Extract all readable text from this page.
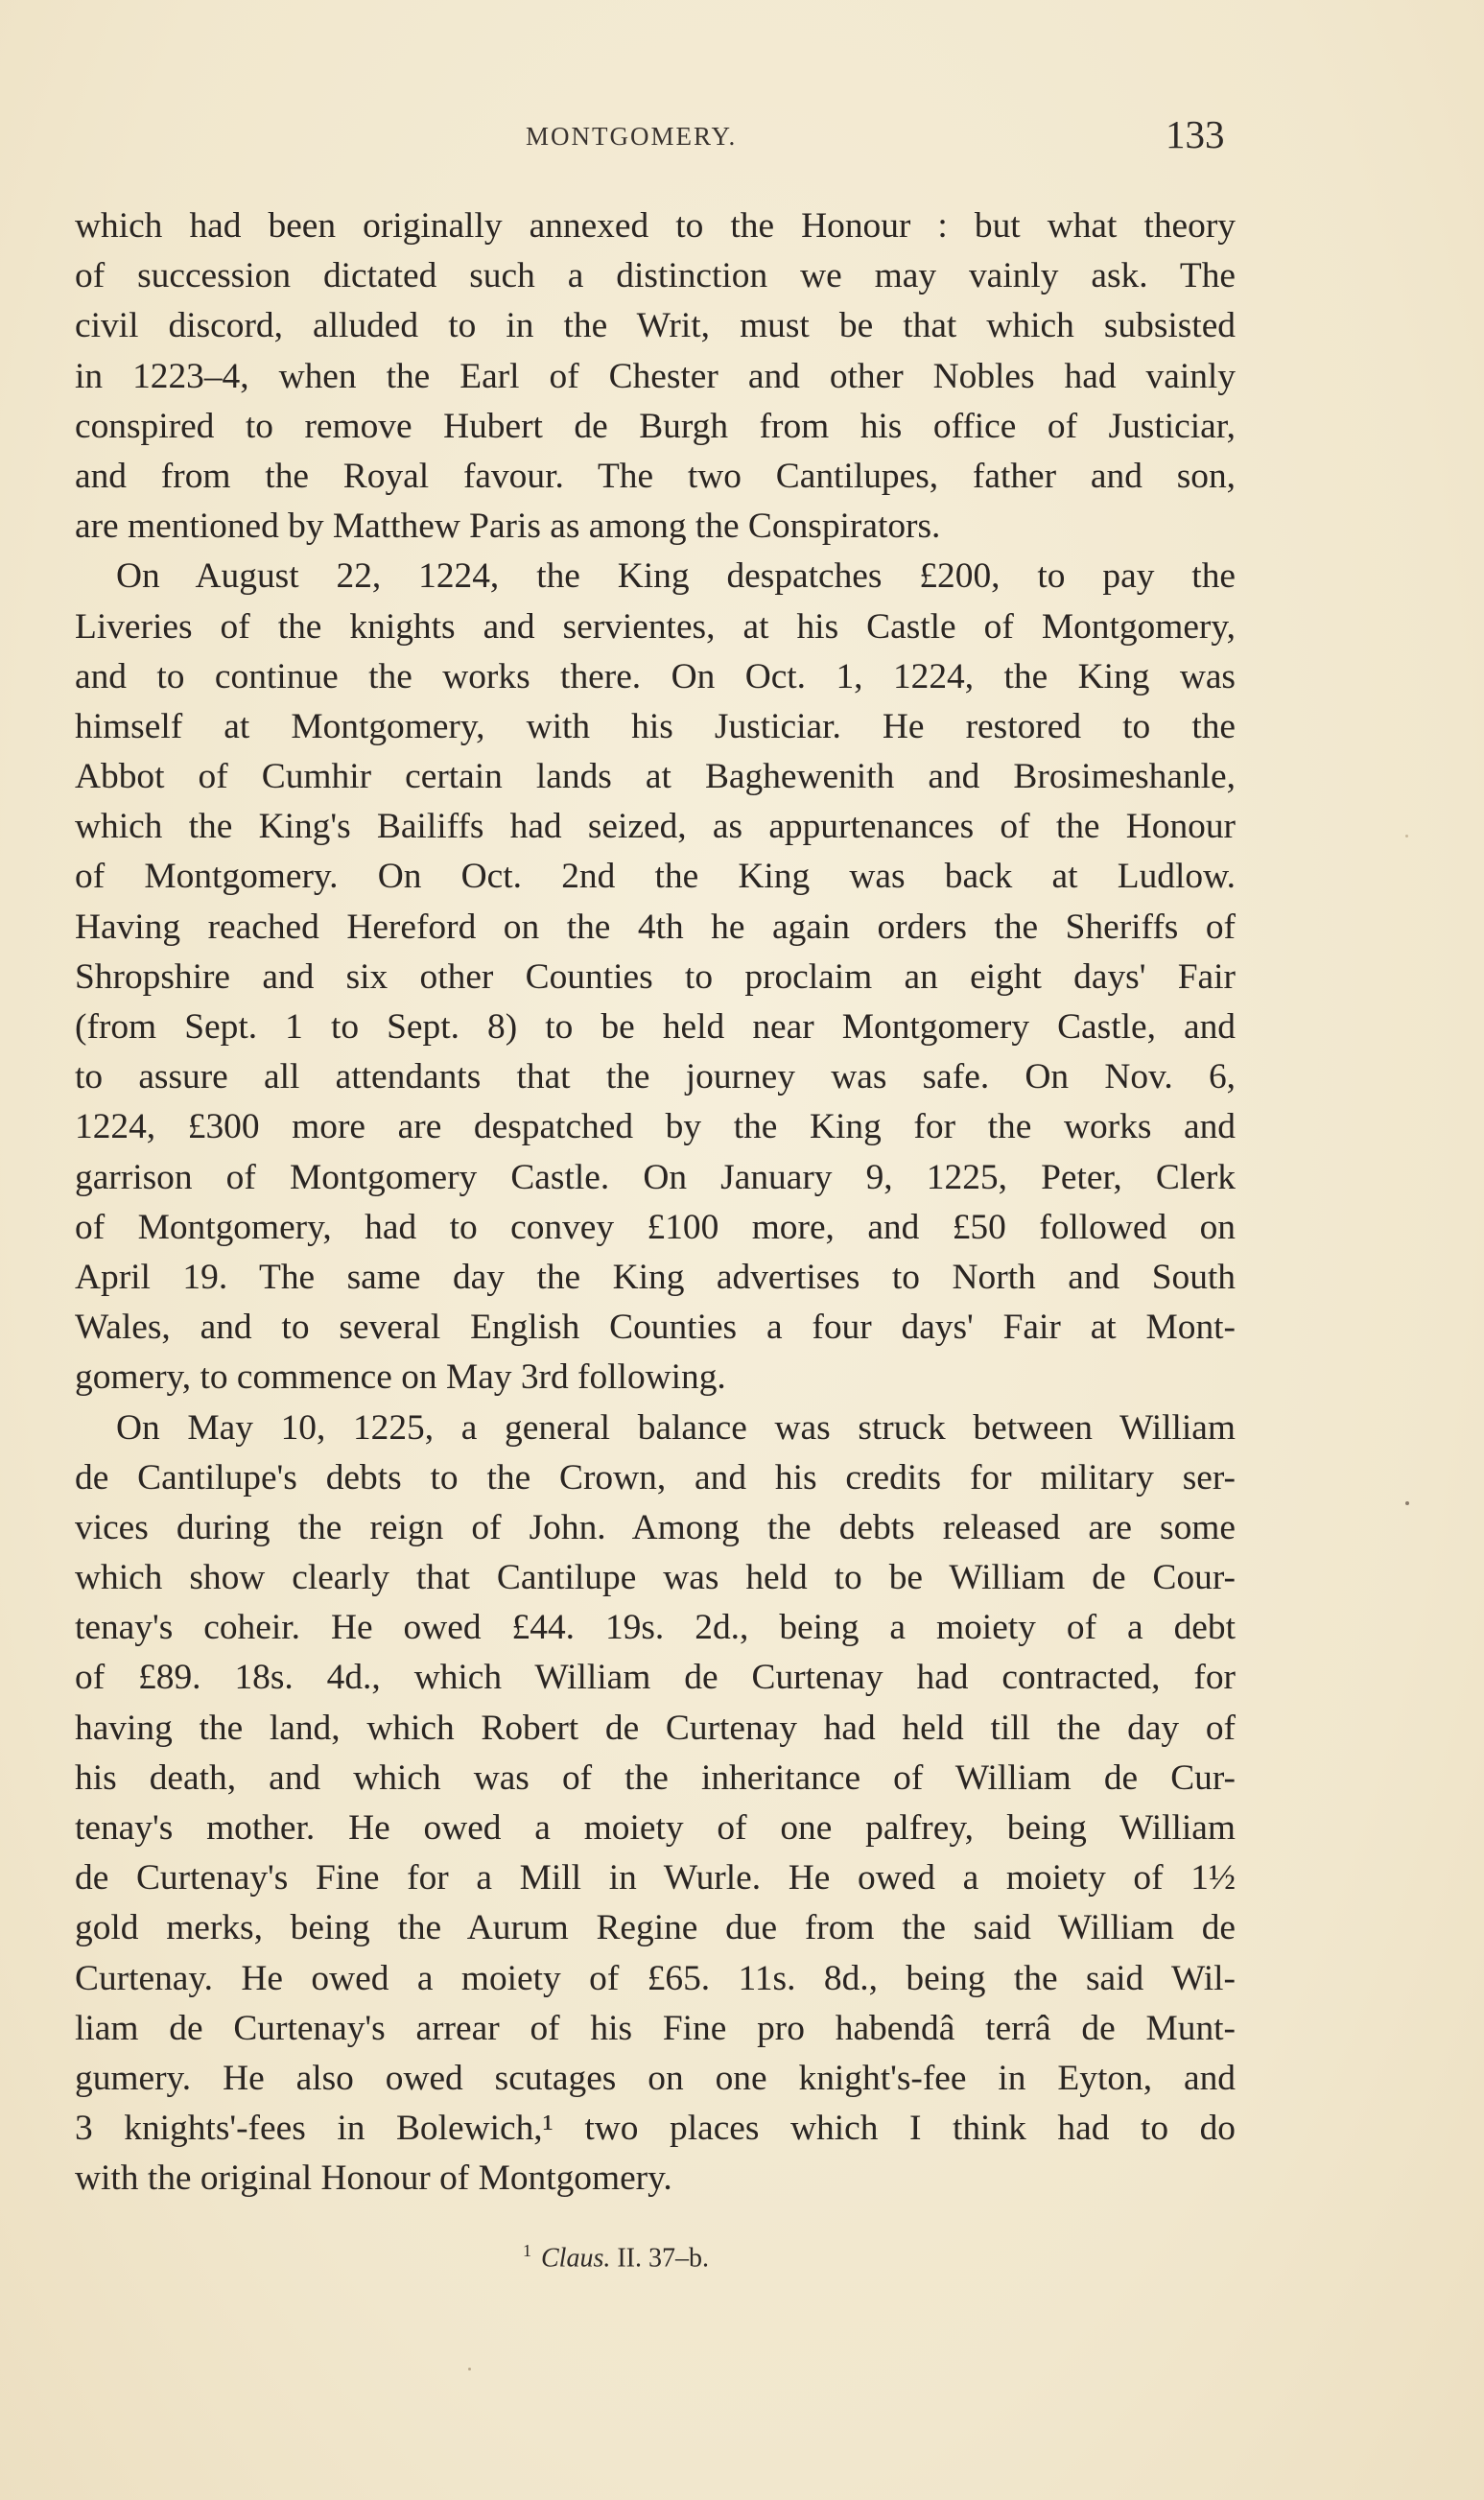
MONTGOMERY.	133
which had been originally annexed to the Honour : but what theory
of succession dictated such a distinction we may vainly ask. The
civil discord, alluded to in the Writ, must be that which subsisted
in 1223–4, when the Earl of Chester and other Nobles had vainly
conspired to remove Hubert de Burgh from his office of Justiciar,
and from the Royal favour. The two Cantilupes, father and son,
are mentioned by Matthew Paris as among the Conspirators.
On August 22, 1224, the King despatches £200, to pay the
Liveries of the knights and servientes, at his Castle of Montgomery,
and to continue the works there. On Oct. 1, 1224, the King was
himself at Montgomery, with his Justiciar. He restored to the
Abbot of Cumhir certain lands at Baghewenith and Brosimeshanle,
which the King's Bailiffs had seized, as appurtenances of the Honour
of Montgomery. On Oct. 2nd the King was back at Ludlow.
Having reached Hereford on the 4th he again orders the Sheriffs of
Shropshire and six other Counties to proclaim an eight days' Fair
(from Sept. 1 to Sept. 8) to be held near Montgomery Castle, and
to assure all attendants that the journey was safe. On Nov. 6,
1224, £300 more are despatched by the King for the works and
garrison of Montgomery Castle. On January 9, 1225, Peter, Clerk
of Montgomery, had to convey £100 more, and £50 followed on
April 19. The same day the King advertises to North and South
Wales, and to several English Counties a four days' Fair at Mont-
gomery, to commence on May 3rd following.
On May 10, 1225, a general balance was struck between William
de Cantilupe's debts to the Crown, and his credits for military ser-
vices during the reign of John. Among the debts released are some
which show clearly that Cantilupe was held to be William de Cour-
tenay's coheir. He owed £44. 19s. 2d., being a moiety of a debt
of £89. 18s. 4d., which William de Curtenay had contracted, for
having the land, which Robert de Curtenay had held till the day of
his death, and which was of the inheritance of William de Cur-
tenay's mother. He owed a moiety of one palfrey, being William
de Curtenay's Fine for a Mill in Wurle. He owed a moiety of 1½
gold merks, being the Aurum Regine due from the said William de
Curtenay. He owed a moiety of £65. 11s. 8d., being the said Wil-
liam de Curtenay's arrear of his Fine pro habendâ terrâ de Munt-
gumery. He also owed scutages on one knight's-fee in Eyton, and
3 knights'-fees in Bolewich,¹ two places which I think had to do
with the original Honour of Montgomery.
$^1$ Claus. II. 37–b.
